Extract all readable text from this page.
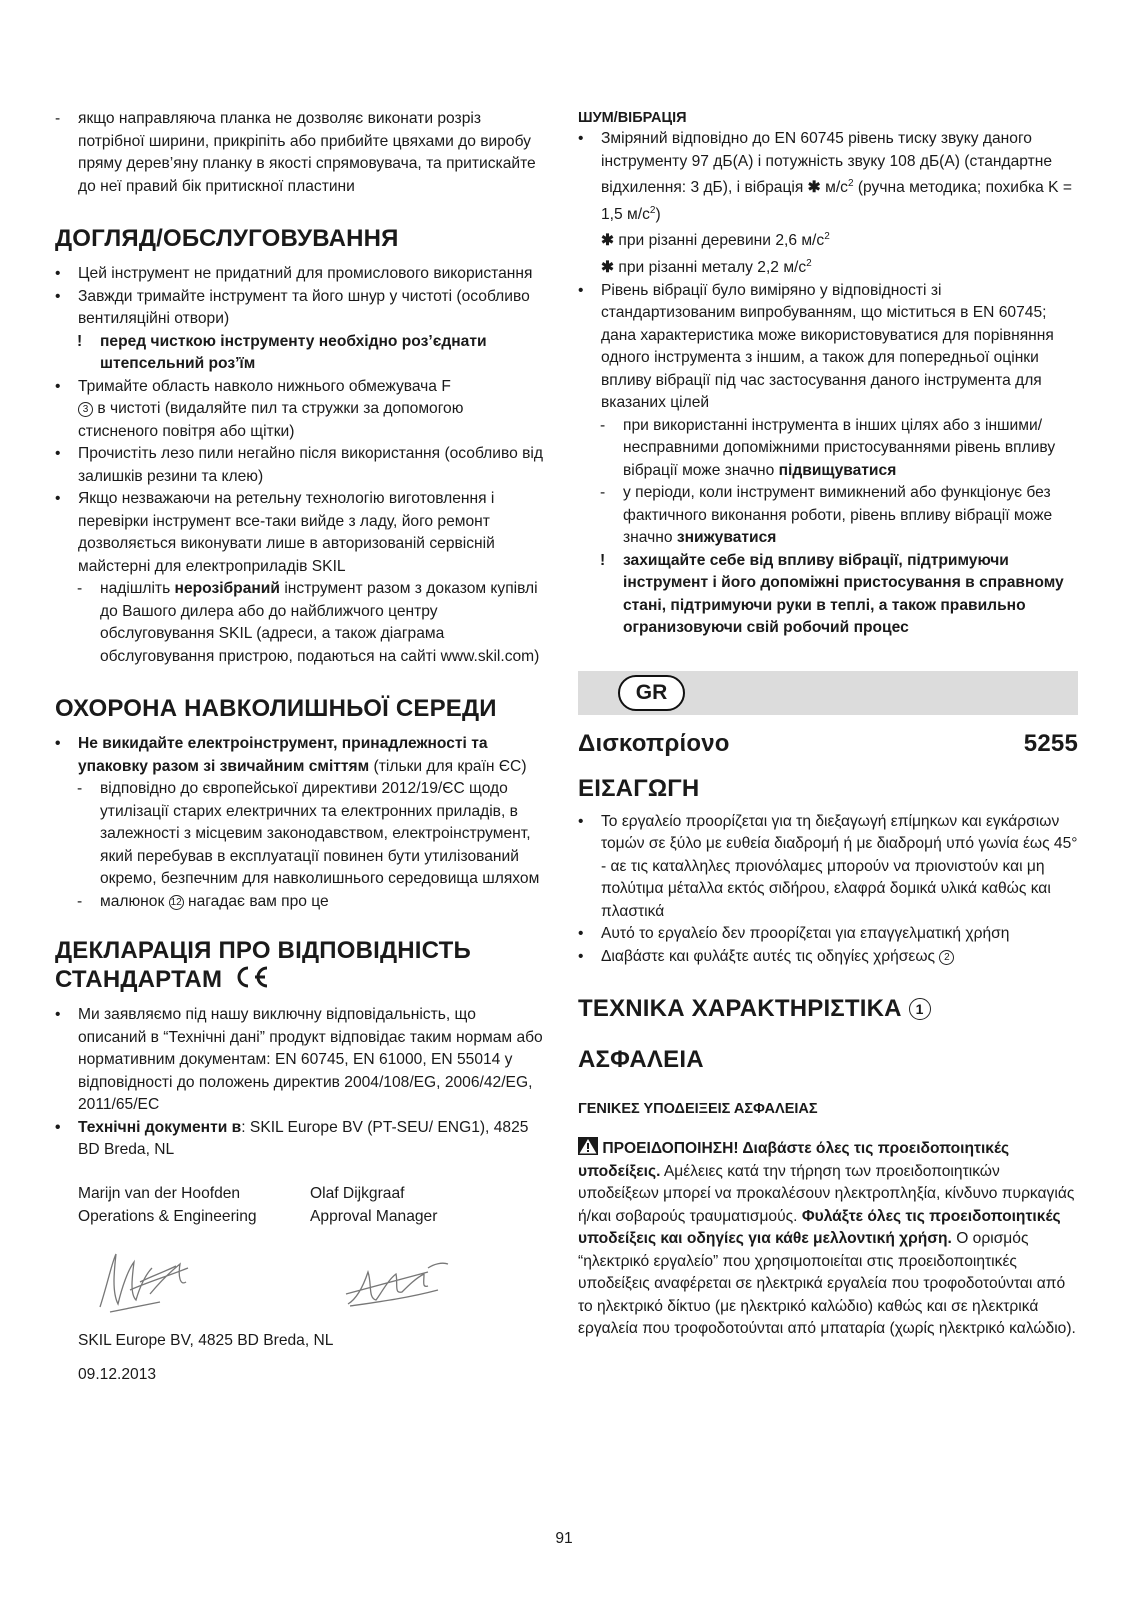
- якщо направляюча планка не дозволяє виконати розріз потрібної ширини, прикріпіть або прибийте цвяхами до виробу пряму дерев’яну планку в якості спрямовувача, та притискайте до неї правий бік притискної пластини
ДОГЛЯД/ОБСЛУГОВУВАННЯ
• Цей інструмент не придатний для промислового використання
• Завжди тримайте інструмент та його шнур у чистоті (особливо вентиляційні отвори)
! перед чисткою інструменту необхідно роз’єднати штепсельний роз’їм
• Тримайте область навколо нижнього обмежувача F
3 в чистоті (видаляйте пил та стружки за допомогою стисненого повітря або щітки)
• Прочистіть лезо пили негайно після використання (особливо від залишків резини та клею)
• Якщо незважаючи на ретельну технологію виготовлення і перевірки інструмент все-таки вийде з ладу, його ремонт дозволяється виконувати лише в авторизованій сервісній майстерні для електроприладів SKIL
- надішліть нерозібраний інструмент разом з доказом купівлі до Вашого дилера або до найближчого центру обслуговування SKIL (адреси, а також діаграма обслуговування пристрою, подаються на сайті www.skil.com)
ОХОРОНА НАВКОЛИШНЬОЇ СЕРЕДИ
• Не викидайте електроінструмент, принадлежності та упаковку разом зі звичайним сміттям (тільки для країн ЄС)
- відповідно до європейської директиви 2012/19/ЄС щодо утилізації старих електричних та електронних приладів, в залежності з місцевим законодавством, електроінструмент, який перебував в експлуатації повинен бути утилізований окремо, безпечним для навколишнього середовища шляхом
- малюнок 12 нагадає вам про це
ДЕКЛАРАЦІЯ ПРО ВІДПОВІДНІСТЬ
СТАНДАРТАМ
• Ми заявляємо під нашу виключну відповідальність, що описаний в “Технічні дані” продукт відповідає таким нормам або нормативним документам: EN 60745, EN 61000, EN 55014 у відповідності до положень директив 2004/108/EG, 2006/42/EG, 2011/65/EC
• Технічні документи в: SKIL Europe BV (PT-SEU/ ENG1), 4825 BD Breda, NL
Marijn van der Hoofden
Operations & Engineering
Olaf Dijkgraaf
Approval Manager
SKIL Europe BV, 4825 BD Breda, NL
09.12.2013
ШУМ/ВІБРАЦІЯ
• Зміряний відповідно до EN 60745 рівень тиску звуку даного інструменту 97 дБ(A) і потужність звуку 108 дБ(A) (стандартне відхилення: 3 дБ), і вібрація ✱ $м/с^2$ (ручна методика; похибка K = 1,5 $м/с^2$)
✱ при різанні деревини 2,6 $м/с^2$
✱ при різанні металу 2,2 $м/с^2$
• Рівень вібрації було виміряно у відповідності зі стандартизованим випробуванням, що міститься в EN 60745; дана характеристика може використовуватися для порівняння одного інструмента з іншим, а також для попередньої оцінки впливу вібрації під час застосування даного інструмента для вказаних цілей
- при використанні інструмента в інших цілях або з іншими/несправними допоміжними пристосуваннями рівень впливу вібрації може значно підвищуватися
- у періоди, коли інструмент вимикнений або функціонує без фактичного виконання роботи, рівень впливу вібрації може значно знижуватися
! захищайте себе від впливу вібрації, підтримуючи інструмент і його допоміжні пристосування в справному стані, підтримуючи руки в теплі, а також правильно огранизовуючи свій робочий процес
GR
Δισκοπρίονο	5255
ΕΙΣΑΓΩΓΗ
• Το εργαλείο προορίζεται για τη διεξαγωγή επίμηκων και εγκάρσιων τομών σε ξύλο με ευθεία διαδρομή ή με διαδρομή υπό γωνία έως 45° - αε τις καταλληλες πριονόλαμες μπορούν να πριονιστούν και μη πολύτιμα μέταλλα εκτός σιδήρου, ελαφρά δομικά υλικά καθώς και πλαστικά
• Αυτό το εργαλείο δεν προορίζεται για επαγγελματική χρήση
• Διαβάστε και φυλάξτε αυτές τις οδηγίες χρήσεως 2
ΤΕΧΝΙΚΑ ΧΑΡΑΚΤΗΡΙΣΤΙΚΑ 1
ΑΣΦΑΛΕΙΑ
ΓΕΝΙΚΕΣ ΥΠΟΔΕΙΞΕΙΣ ΑΣΦΑΛΕΙΑΣ
ΠΡΟΕΙΔΟΠΟΙΗΣΗ! Διαβάστε όλες τις προειδοποιητικές υποδείξεις. Αμέλειες κατά την τήρηση των προειδοποιητικών υποδείξεων μπορεί να προκαλέσουν ηλεκτροπληξία, κίνδυνο πυρκαγιάς ή/και σοβαρούς τραυματισμούς. Φυλάξτε όλες τις προειδοποιητικές υποδείξεις και οδηγίες για κάθε μελλοντική χρήση. Ο ορισμός “ηλεκτρικό εργαλείο” που χρησιμοποιείται στις προειδοποιητικές υποδείξεις αναφέρεται σε ηλεκτρικά εργαλεία που τροφοδοτούνται από το ηλεκτρικό δίκτυο (με ηλεκτρικό καλώδιο) καθώς και σε ηλεκτρικά εργαλεία που τροφοδοτούνται από μπαταρία (χωρίς ηλεκτρικό καλώδιο).
91
